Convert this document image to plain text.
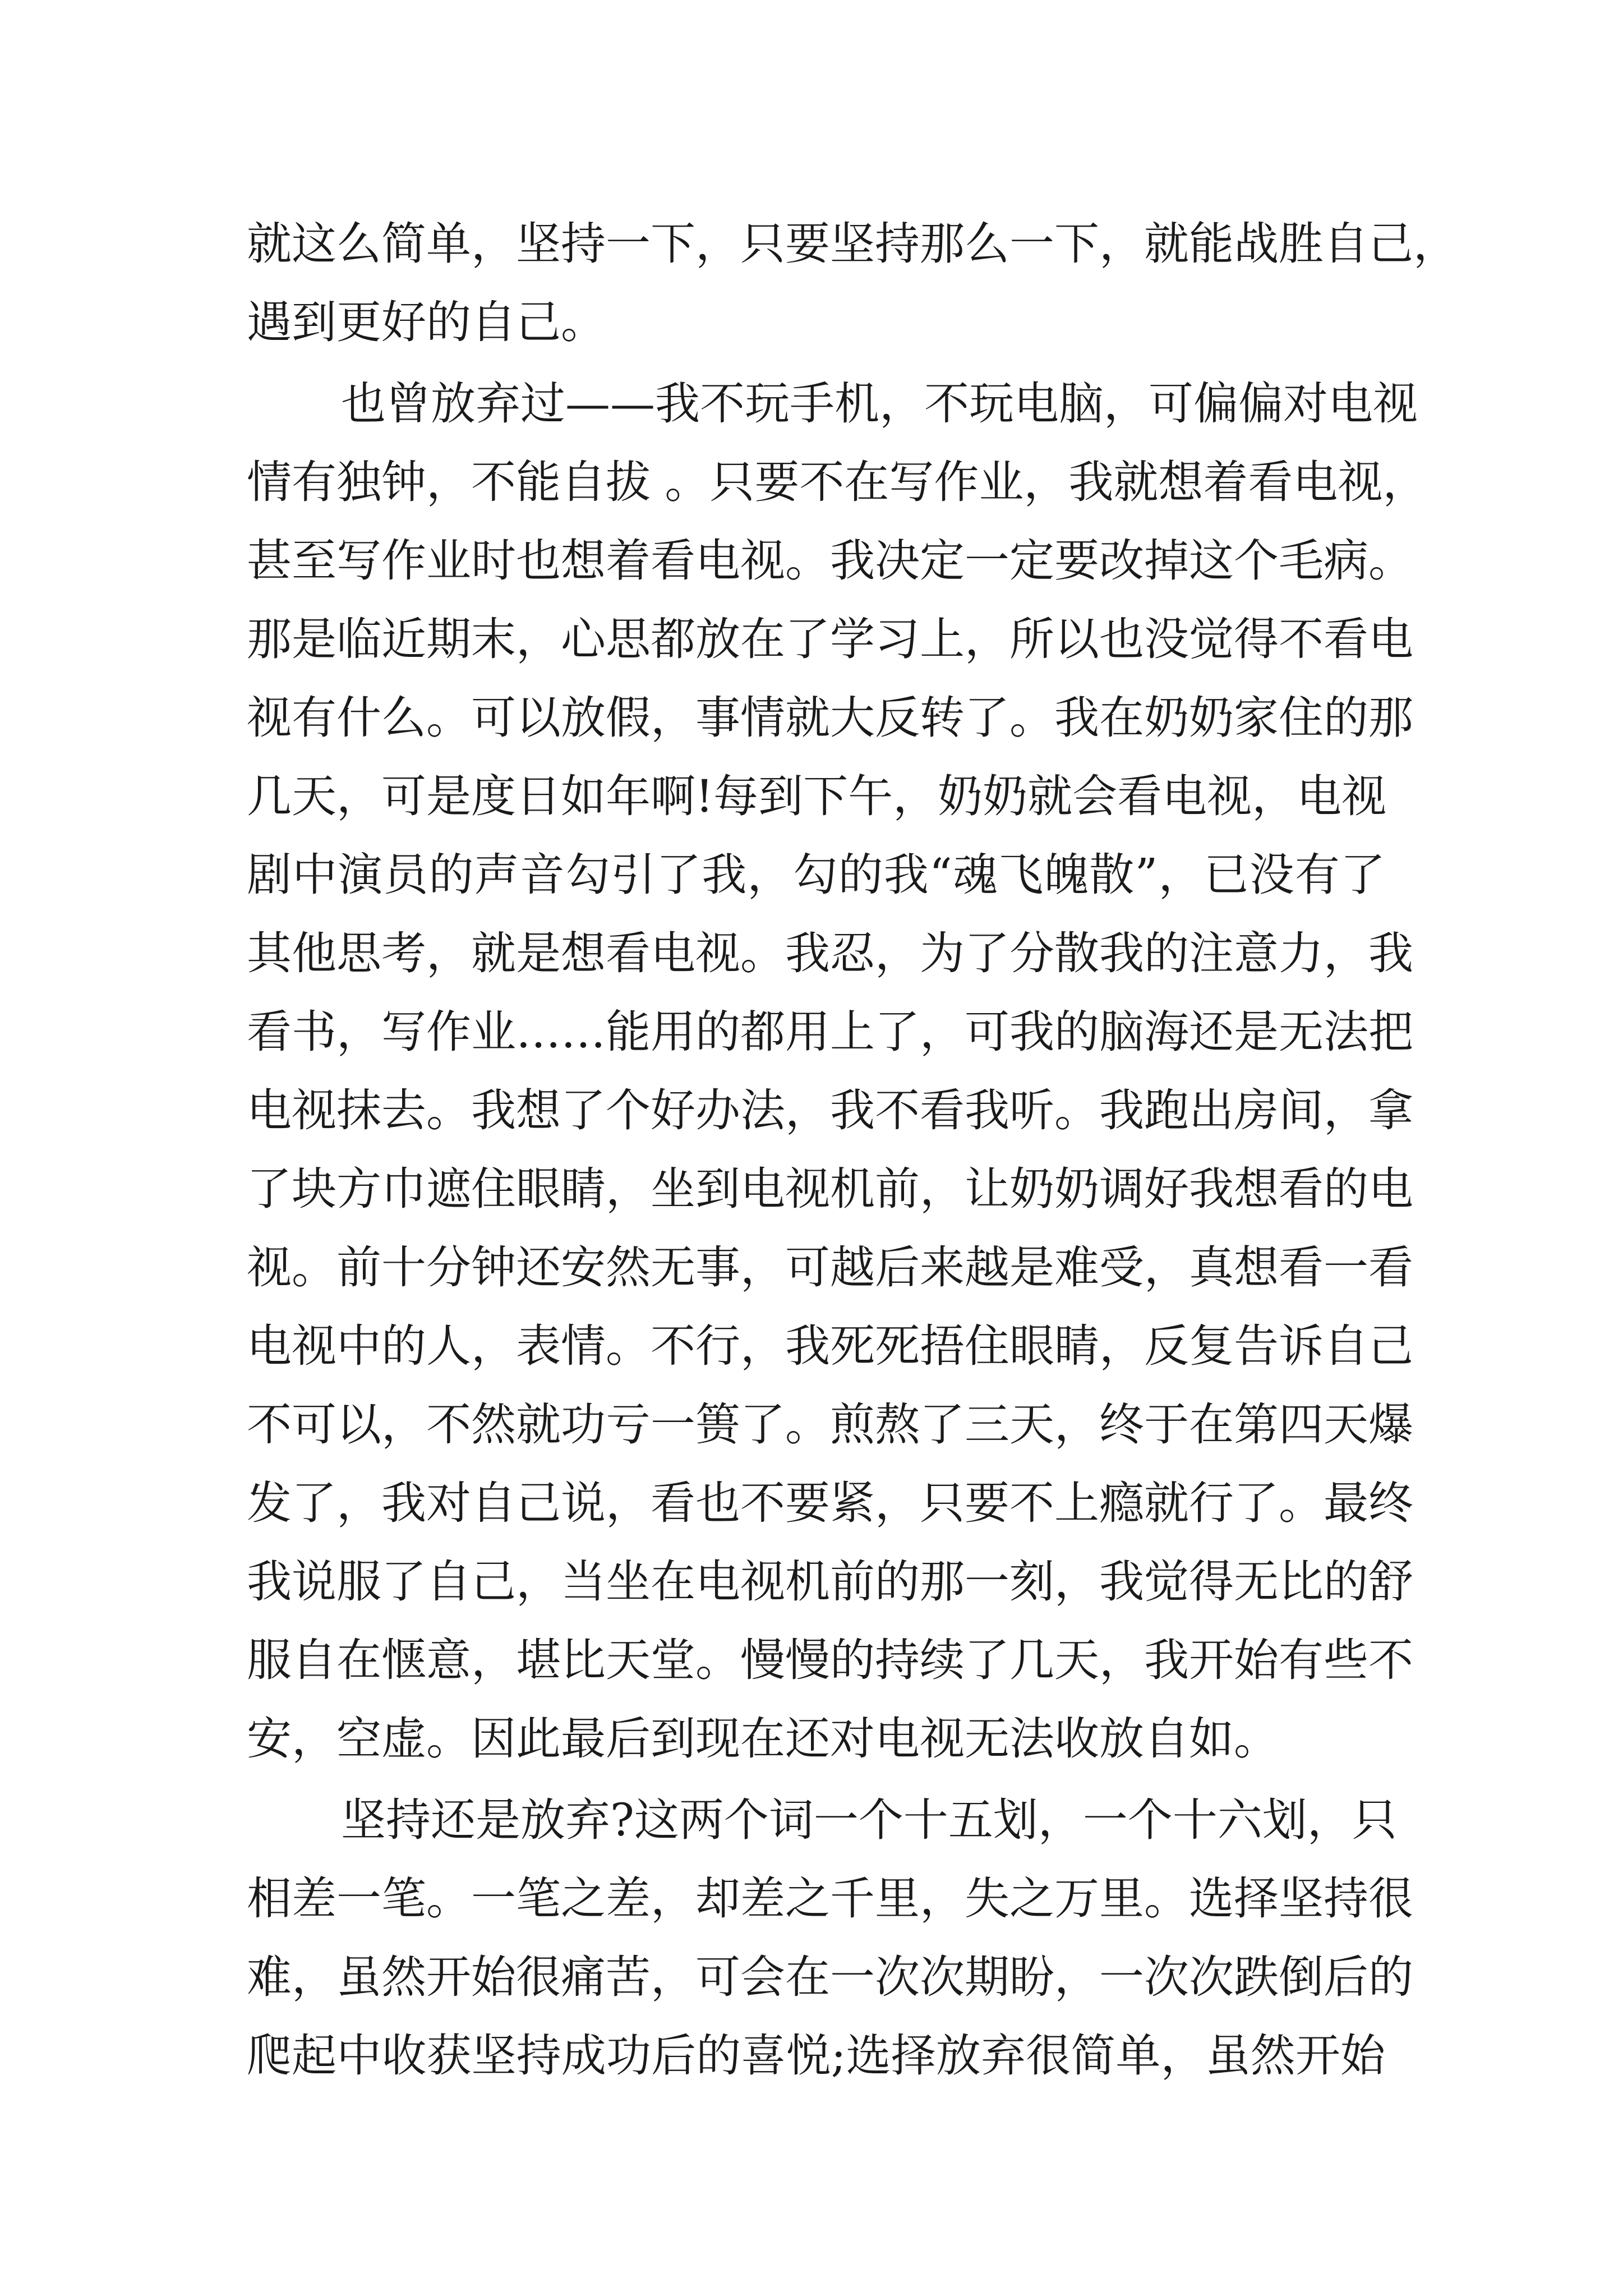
就这么简单，坚持一下，只要坚持那么一下，就能战胜自己，
遇到更好的自己。
也曾放弃过——我不玩手机，不玩电脑，可偏偏对电视
情有独钟，不能自拔 。只要不在写作业，我就想着看电视，
甚至写作业时也想着看电视。我决定一定要改掉这个毛病。
那是临近期末，心思都放在了学习上，所以也没觉得不看电
视有什么。可以放假，事情就大反转了。我在奶奶家住的那
几天，可是度日如年啊!每到下午，奶奶就会看电视，电视
剧中演员的声音勾引了我，勾的我“魂飞魄散”，已没有了
其他思考，就是想看电视。我忍，为了分散我的注意力，我
看书，写作业……能用的都用上了，可我的脑海还是无法把
电视抹去。我想了个好办法，我不看我听。我跑出房间，拿
了块方巾遮住眼睛，坐到电视机前，让奶奶调好我想看的电
视。前十分钟还安然无事，可越后来越是难受，真想看一看
电视中的人，表情。不行，我死死捂住眼睛，反复告诉自己
不可以，不然就功亏一篑了。煎熬了三天，终于在第四天爆
发了，我对自己说，看也不要紧，只要不上瘾就行了。最终
我说服了自己，当坐在电视机前的那一刻，我觉得无比的舒
服自在惬意，堪比天堂。慢慢的持续了几天，我开始有些不
安，空虚。因此最后到现在还对电视无法收放自如。
坚持还是放弃?这两个词一个十五划，一个十六划，只
相差一笔。一笔之差，却差之千里，失之万里。选择坚持很
难，虽然开始很痛苦，可会在一次次期盼，一次次跌倒后的
爬起中收获坚持成功后的喜悦;选择放弃很简单，虽然开始
